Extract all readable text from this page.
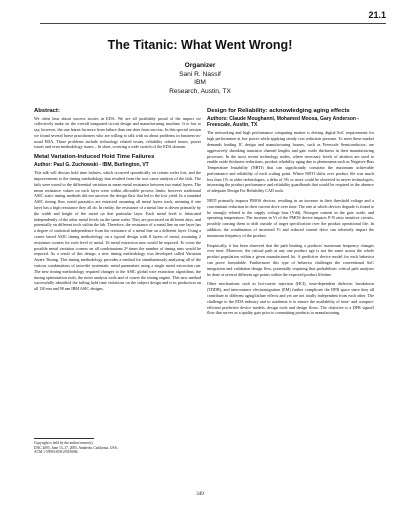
21.1
The Titanic: What Went Wrong!
Organizer
Sani R. Nassif
IBM
Research, Austin, TX
Abstract:

We often hear about success stories in EDA. We are all justifiably proud of the impact we collectively make on the overall integrated circuit design and manufacturing machine. It is fair to say, however, the one learns far more from failure than one does from success. In this special session we found several brave practitioners who are willing to talk with us about problems in business-as-usual EDA. These problems include technology related issues, reliability related issues, power issues and even methodology issues – In short, covering a wide swatch of the EDA domain.

Metal Variation-Induced Hold Time Failures
Author: Paul G. Zuchowski - IBM, Burlington, VT

This talk will discuss hold time failures, which occurred sporadically on certain wafer lots, and the improvements to the timing methodology that resulted from the root cause analysis of the fails. The fails were traced to the differential variation in mean metal resistance between two metal layers. The mean resistance values on each layer were within allowable process limits; however traditional ASIC static timing methods did not uncover the design flaw that led to the low yield. In a standard ASIC timing flow, metal parasitics are extracted assuming all metal layers track, meaning if one layer has a high resistance they all do. In reality, the resistance of a metal line is driven primarily by the width and height of the metal on that particular layer. Each metal level is fabricated independently of the other metal levels on the same wafer. They are processed on different days, and potentially on different tools within the fab. Therefore, the resistance of a metal line on one layer has a degree of statistical independence from the resistance of a metal line on a different layer. Using a corner based ASIC timing methodology on a typical design with 8 layers of metal, assuming 2 resistance corners for each level of metal, 16 metal extraction runs would be required. To cover the possible metal variation corners on all combinations 2⁸ times the number of timing runs would be required. As a result of this design, a new timing methodology was developed called Variation Aware Timing. This timing methodology provides a method for simultaneously analyzing all of the various combinations of intra-die systematic metal parameters using a single metal extraction run. The new timing methodology required changes to the ASIC global wire extraction algorithms, the timing optimization tools, the noise analysis tools and of course the timing engine. This new method successfully identified the failing hold time violations on the subject design and is in production on all 130 nm and 90 nm IBM ASIC designs.

Copyright is held by the author/owner(s).
DAC 2005, June 13–17, 2005, Anaheim, California, USA.
ACM 1-59593-058-2/05/0006.
Design for Reliability: acknowledging aging effects
Authors: Claude Moughanni, Mohamed Moosa, Gary Anderson - Freescale, Austin, TX

The networking and high performance computing market is driving digital SoC requirements for high performance at low power while applying steady cost reduction pressure. To meet these market demands leading IC design and manufacturing houses, such as Freescale Semiconductor, are aggressively shrinking transistor channel lengths and gate oxide thickness in their manufacturing processes. In the most recent technology nodes, where necessary levels of attrition are used to enable oxide thickness reductions, product reliability aging due to phenomena such as Negative Bias Temperature Instability (NBTI) that can significantly constrain the maximum achievable performance and reliability of each scaling point. Where NBTI shifts over product life was much less than 1% in older technologies, a delta of 5% or more could be observed in newer technologies, increasing the product performance and reliability guardbands that would be required in the absence of adequate Design For Reliability CAD tools.

NBTI primarily impacts PMOS devices, resulting in an increase in their threshold voltage and a concomitant reduction in their current drive over time. The rate at which devices degrade is found to be strongly related to the supply voltage bias (Vdd), Nitrogen content in the gate oxide, and operating temperature. The increase in Vt of the PMOS device impacts P-N ratio sensitive circuits, possibly causing them to drift outside of target specification over the product operational life. In addition, the combination of increased Vt and reduced current drive can adversely impact the maximum frequency of the product.

Empirically, it has been observed that the path limiting a products' maximum frequency changes over time. Moreover, the critical path at any one product age is not the same across the whole product population within a given manufactured lot. A predictive device model for each behavior can prove formidable. Furthermore this type of behavior challenges the conventional SoC integration and validation design flow, potentially requiring that probabilistic critical path analyses be done at several different age points within the expected product lifetime.

Other mechanisms such as hot-carrier injection (HCI), time-dependent dielectric breakdown (TDDB), and interconnect electromigration (EM) further complicate the DFR space since they all contribute to different aging/failure effects and yet are not totally independent from each other. The challenge to the EDA industry and to academia is to ensure the availability of time- and compact-efficient predictive device models, design tools and design flows. The objective is a DFR signoff flow that serves as a quality gate prior to committing products to manufacturing.

349
